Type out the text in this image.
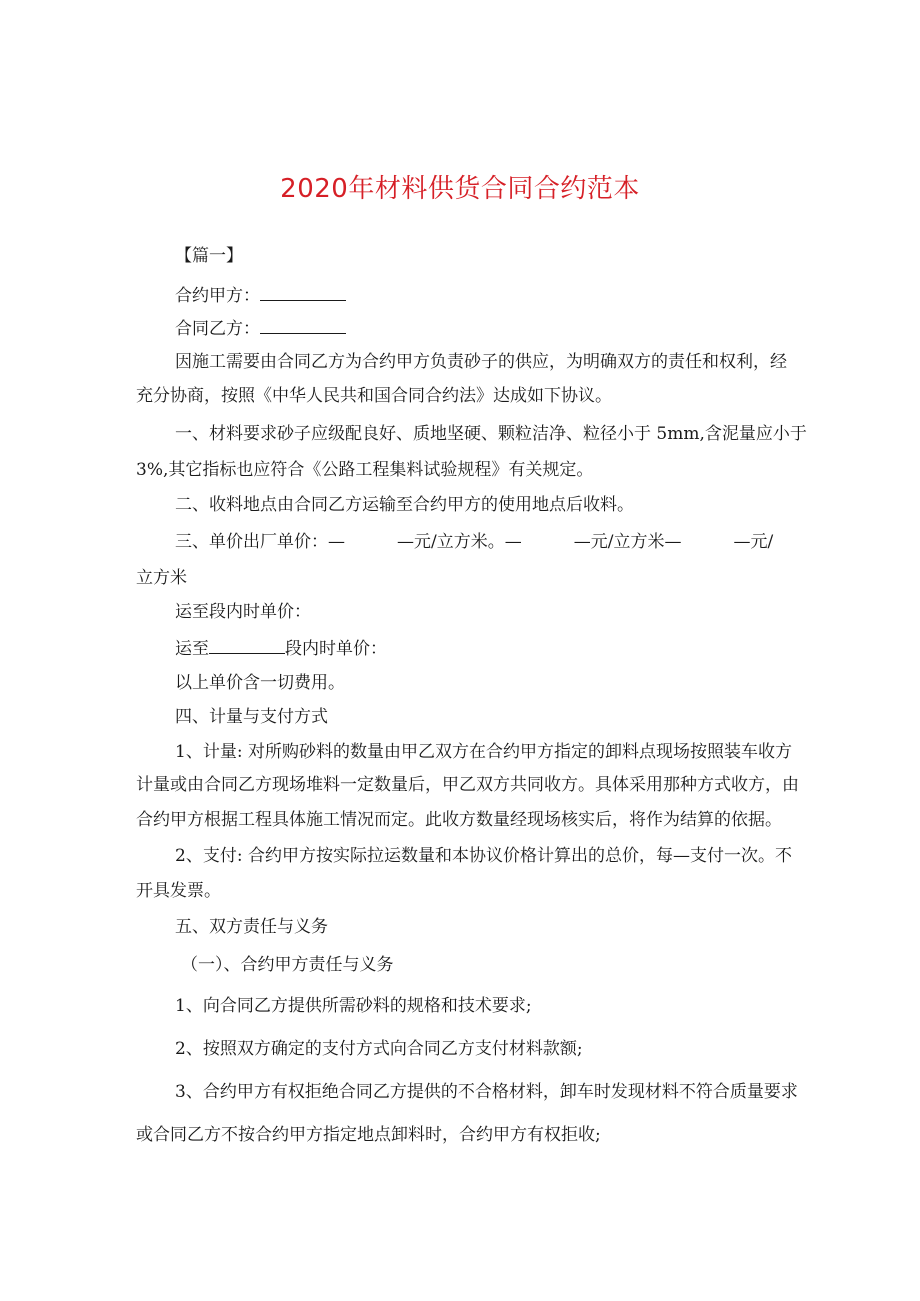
2020年材料供货合同合约范本
【篇一】
合约甲方：
合同乙方：
因施工需要由合同乙方为合约甲方负责砂子的供应，为明确双方的责任和权利，经
充分协商，按照《中华人民共和国合同合约法》达成如下协议。
一、材料要求砂子应级配良好、质地坚硬、颗粒洁净、粒径小于 5mm,含泥量应小于
3%,其它指标也应符合《公路工程集料试验规程》有关规定。
二、收料地点由合同乙方运输至合约甲方的使用地点后收料。
三、单价出厂单价：—	—元/立方米。—	—元/立方米—	—元/
立方米
运至段内时单价：
运至	段内时单价：
以上单价含一切费用。
四、计量与支付方式
1、计量: 对所购砂料的数量由甲乙双方在合约甲方指定的卸料点现场按照装车收方
计量或由合同乙方现场堆料一定数量后，甲乙双方共同收方。具体采用那种方式收方，由
合约甲方根据工程具体施工情况而定。此收方数量经现场核实后，将作为结算的依据。
2、支付: 合约甲方按实际拉运数量和本协议价格计算出的总价，每—支付一次。不
开具发票。
五、双方责任与义务
（一）、合约甲方责任与义务
1、向合同乙方提供所需砂料的规格和技术要求;
2、按照双方确定的支付方式向合同乙方支付材料款额;
3、合约甲方有权拒绝合同乙方提供的不合格材料，卸车时发现材料不符合质量要求
或合同乙方不按合约甲方指定地点卸料时，合约甲方有权拒收;
